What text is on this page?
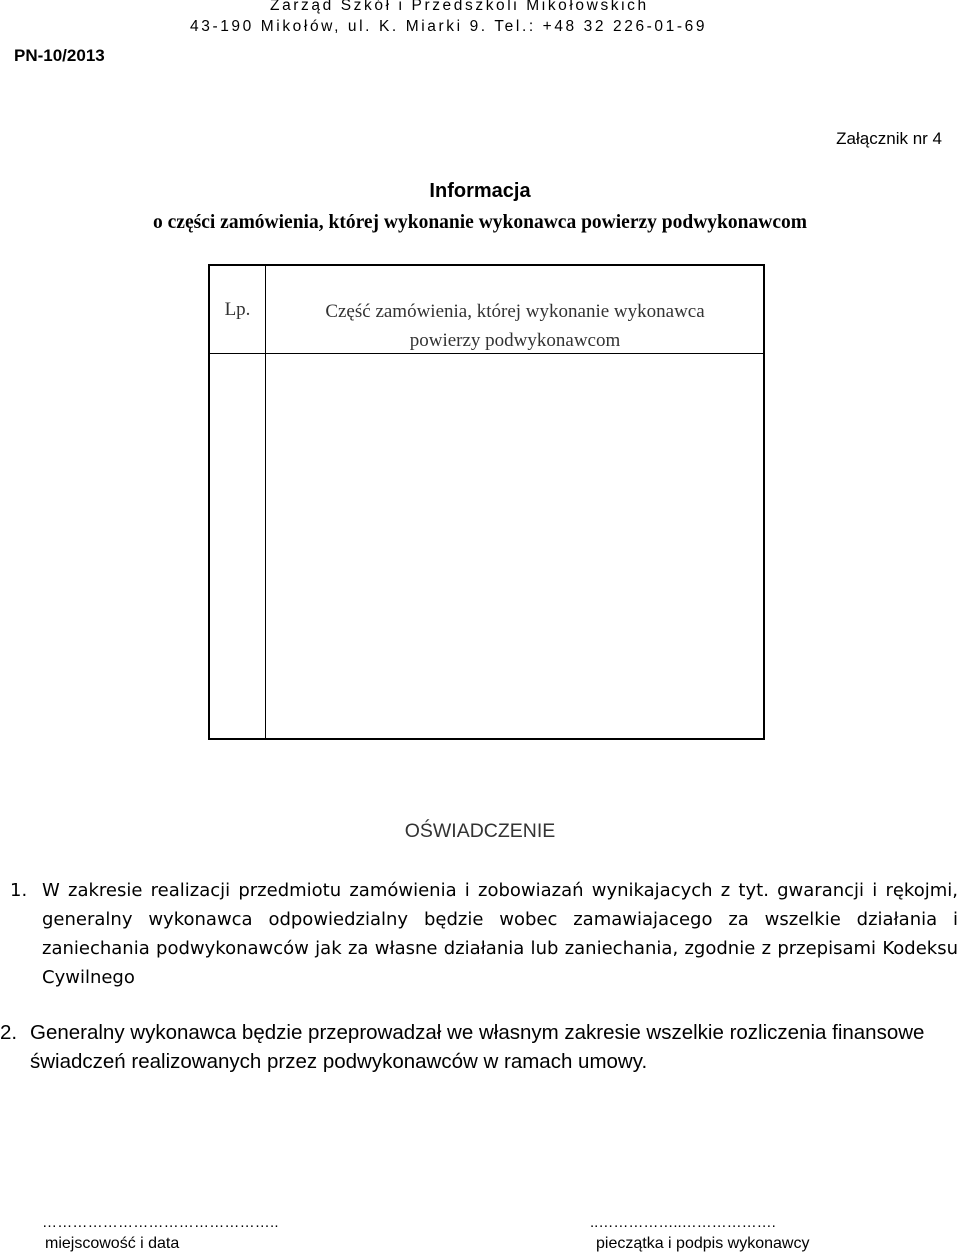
Zarząd Szkół i Przedszkoli Mikołowskich
43-190 Mikołów, ul. K. Miarki 9. Tel.: +48 32 226-01-69
PN-10/2013
Załącznik nr 4
Informacja
o części zamówienia, której wykonanie wykonawca powierzy podwykonawcom
Lp.	Część zamówienia, której wykonanie wykonawca powierzy podwykonawcom
OŚWIADCZENIE
1. W zakresie realizacji przedmiotu zamówienia i zobowiazań wynikajacych z tyt. gwarancji i rękojmi, generalny wykonawca odpowiedzialny będzie wobec zamawiajacego za wszelkie działania i zaniechania podwykonawców jak za własne działania lub zaniechania, zgodnie z przepisami Kodeksu Cywilnego
2. Generalny wykonawca będzie przeprowadzał we własnym zakresie wszelkie rozliczenia finansowe świadczeń realizowanych przez podwykonawców w ramach umowy.
………………………………………..
miejscowość i data
..……………..……………….
pieczątka i podpis wykonawcy
